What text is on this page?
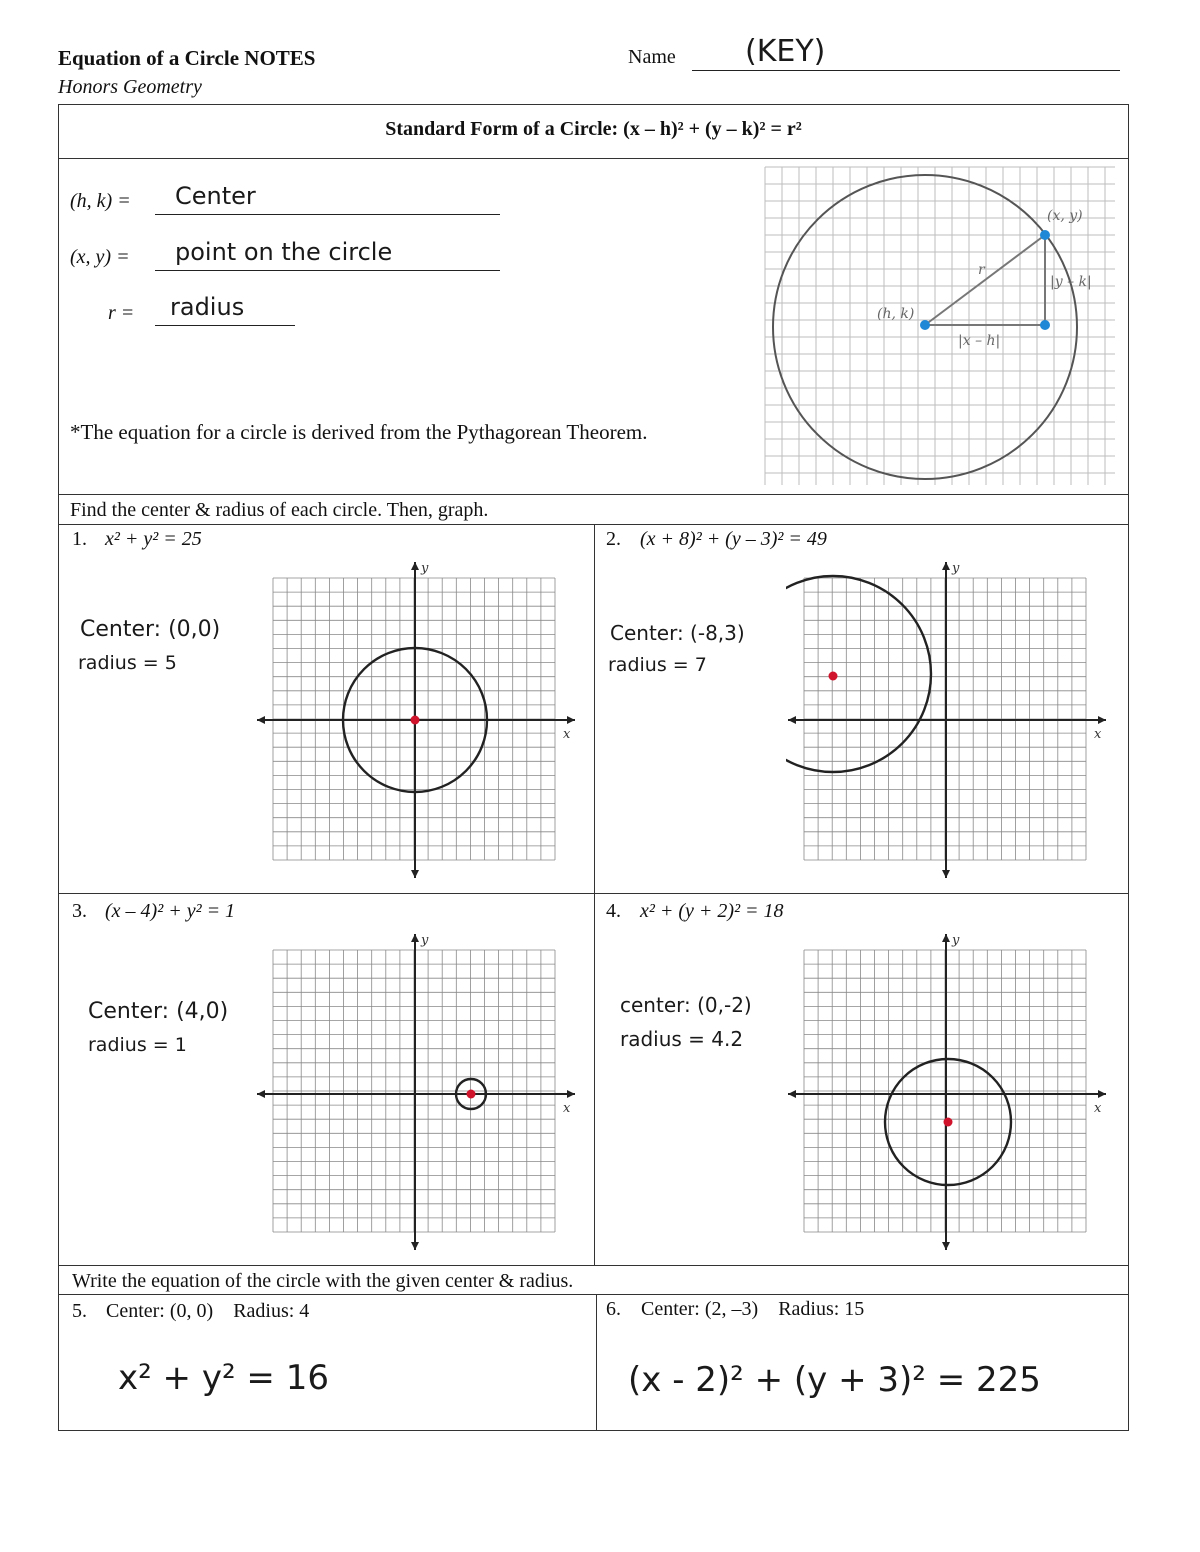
Equation of a Circle NOTES
Honors Geometry
Name (KEY)
Standard Form of a Circle: (x – h)² + (y – k)² = r²
(h, k) = Center
(x, y) = point on the circle
r = radius
*The equation for a circle is derived from the Pythagorean Theorem.
(x, y)
(h, k)
r
|y – k|
|x – h|
Find the center & radius of each circle. Then, graph.
1. x² + y² = 25
Center: (0,0)
radius = 5
x
y
2. (x + 8)² + (y – 3)² = 49
Center: (-8,3)
radius = 7
x
y
3. (x – 4)² + y² = 1
Center: (4,0)
radius = 1
x
y
4. x² + (y + 2)² = 18
center: (0,-2)
radius = 4.2
x
y
Write the equation of the circle with the given center & radius.
5. Center: (0, 0)    Radius: 4
x² + y² = 16
6. Center: (2, –3)    Radius: 15
(x - 2)² + (y + 3)² = 225
